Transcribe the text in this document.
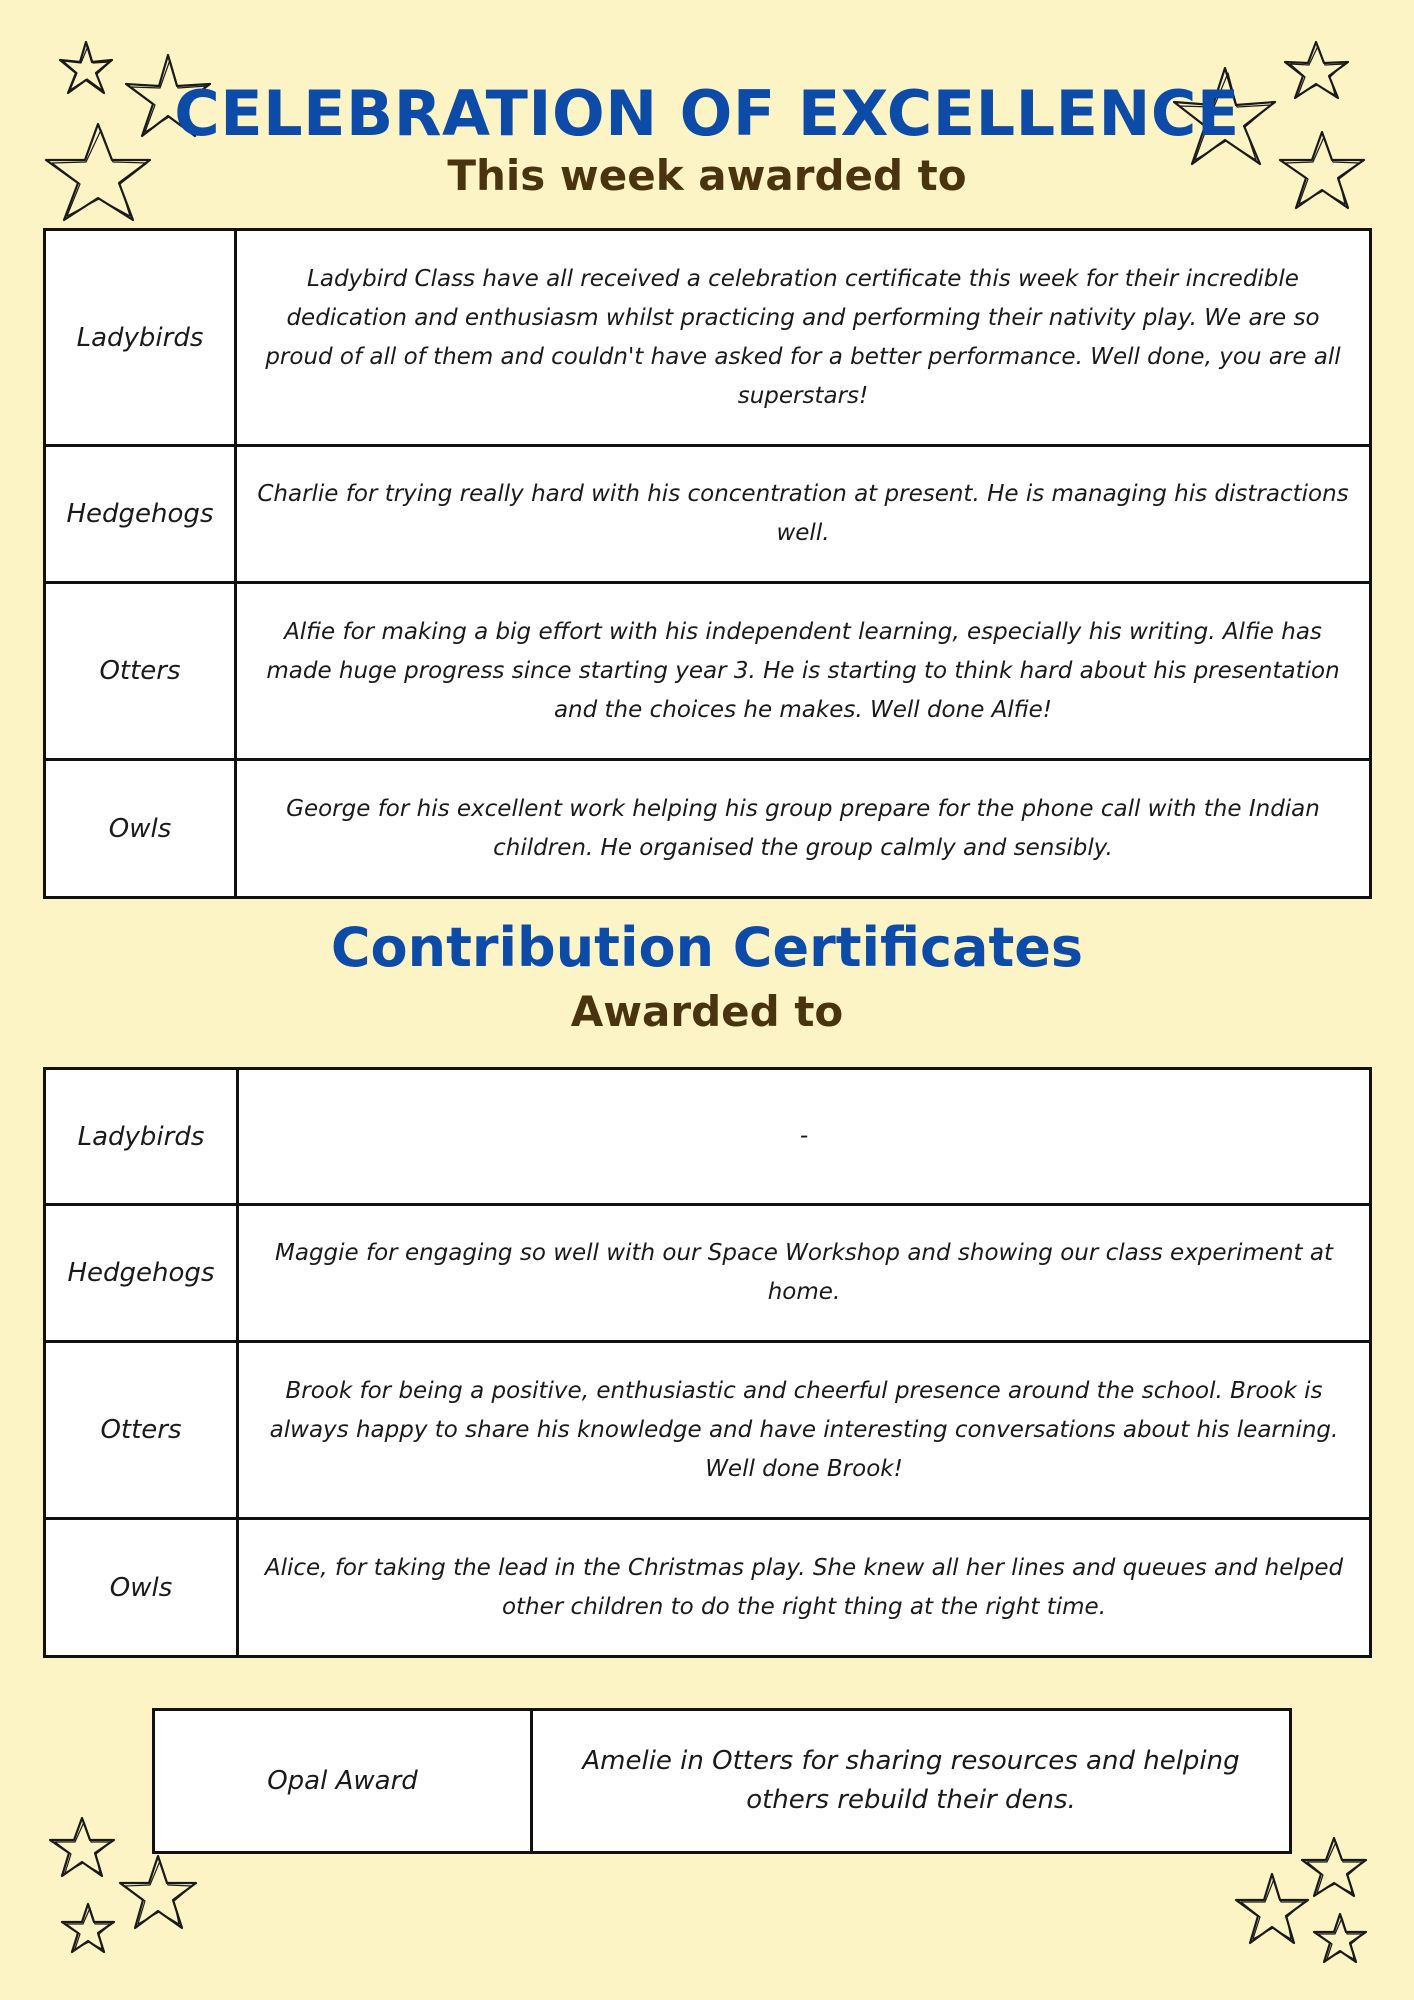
CELEBRATION OF EXCELLENCE
This week awarded to
Ladybirds	Ladybird Class have all received a celebration certificate this week for their incredible dedication and enthusiasm whilst practicing and performing their nativity play. We are so proud of all of them and couldn't have asked for a better performance. Well done, you are all superstars!
Hedgehogs	Charlie for trying really hard with his concentration at present. He is managing his distractions well.
Otters	Alfie for making a big effort with his independent learning, especially his writing. Alfie has made huge progress since starting year 3. He is starting to think hard about his presentation and the choices he makes. Well done Alfie!
Owls	George for his excellent work helping his group prepare for the phone call with the Indian children. He organised the group calmly and sensibly.
Contribution Certificates
Awarded to
Ladybirds	-
Hedgehogs	Maggie for engaging so well with our Space Workshop and showing our class experiment at home.
Otters	Brook for being a positive, enthusiastic and cheerful presence around the school. Brook is always happy to share his knowledge and have interesting conversations about his learning. Well done Brook!
Owls	Alice, for taking the lead in the Christmas play. She knew all her lines and queues and helped other children to do the right thing at the right time.
Opal Award	Amelie in Otters for sharing resources and helping others rebuild their dens.
